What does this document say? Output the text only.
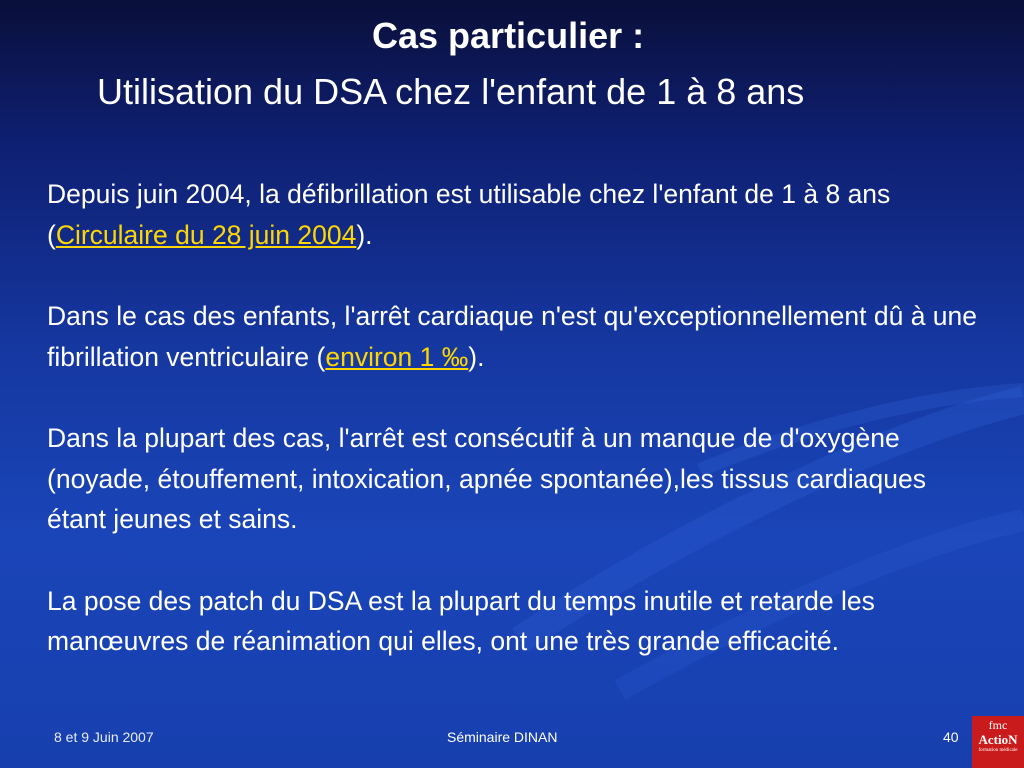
Cas particulier :
Utilisation du DSA chez l'enfant de 1 à 8 ans

Depuis juin 2004, la défibrillation est utilisable chez l'enfant de 1 à 8 ans (Circulaire du 28 juin 2004).

Dans le cas des enfants, l'arrêt cardiaque n'est qu'exceptionnellement dû à une fibrillation ventriculaire (environ 1 ‰).

Dans la plupart des cas, l'arrêt est consécutif à un manque de d'oxygène (noyade, étouffement, intoxication, apnée spontanée),les tissus cardiaques étant jeunes et sains.

La pose des patch du DSA est la plupart du temps inutile et retarde les manœuvres de réanimation qui elles, ont une très grande efficacité.

8 et 9 Juin 2007	Séminaire DINAN	40
fmc
ActioN
formation médicale
